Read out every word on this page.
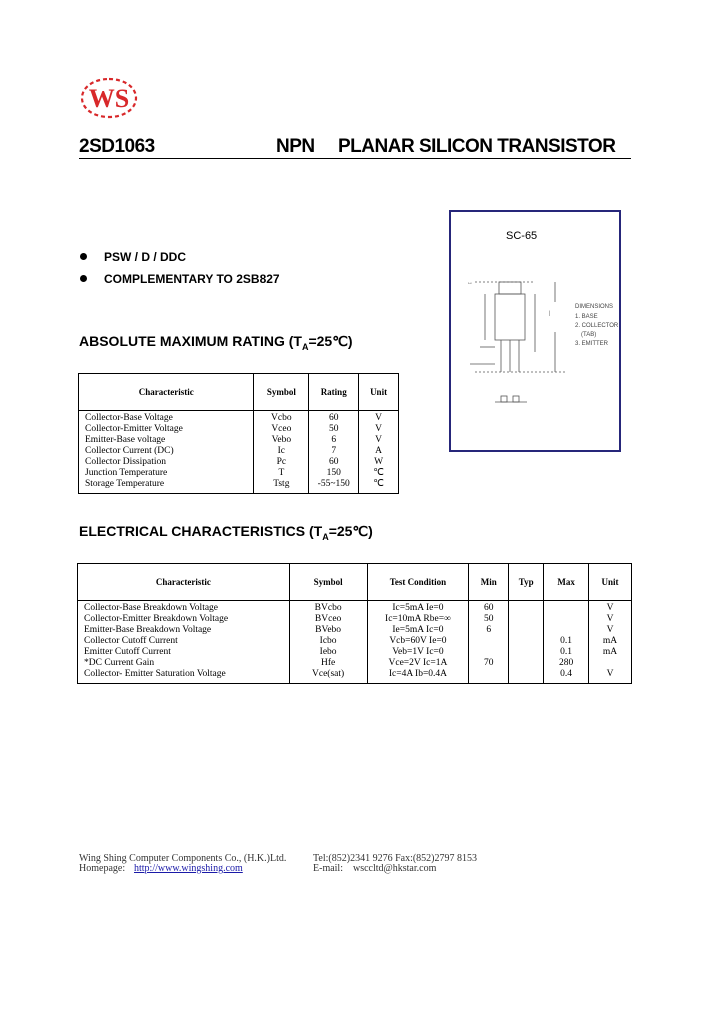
WS
2SD1063	NPN PLANAR SILICON TRANSISTOR
PSW / D / DDC
COMPLEMENTARY TO 2SB827
SC-65
↔
—
DIMENSIONS
1. BASE
2. COLLECTOR
(TAB)
3. EMITTER
ABSOLUTE MAXIMUM RATING $(T_A=25℃)$
Characteristic	Symbol	Rating	Unit
Collector-Base Voltage	Vcbo	60	V
Collector-Emitter Voltage	Vceo	50	V
Emitter-Base voltage	Vebo	6	V
Collector Current (DC)	Ic	7	A
Collector Dissipation	Pc	60	W
Junction Temperature	T	150	℃
Storage Temperature	Tstg	-55~150	℃
ELECTRICAL CHARACTERISTICS $(T_A=25℃)$
Characteristic	Symbol	Test Condition	Min	Typ	Max	Unit
Collector-Base Breakdown Voltage	BVcbo	Ic=5mA Ie=0	60			V
Collector-Emitter Breakdown Voltage	BVceo	Ic=10mA Rbe=∞	50			V
Emitter-Base Breakdown Voltage	BVebo	Ie=5mA Ic=0	6			V
Collector Cutoff Current	Icbo	Vcb=60V Ie=0			0.1	mA
Emitter Cutoff Current	Iebo	Veb=1V Ic=0			0.1	mA
*DC Current Gain	Hfe	Vce=2V Ic=1A	70		280	
Collector- Emitter Saturation Voltage	Vce(sat)	Ic=4A Ib=0.4A			0.4	V
Wing Shing Computer Components Co., (H.K.)Ltd.	Tel:(852)2341 9276 Fax:(852)2797 8153
Homepage: http://www.wingshing.com	E-mail: wsccltd@hkstar.com
